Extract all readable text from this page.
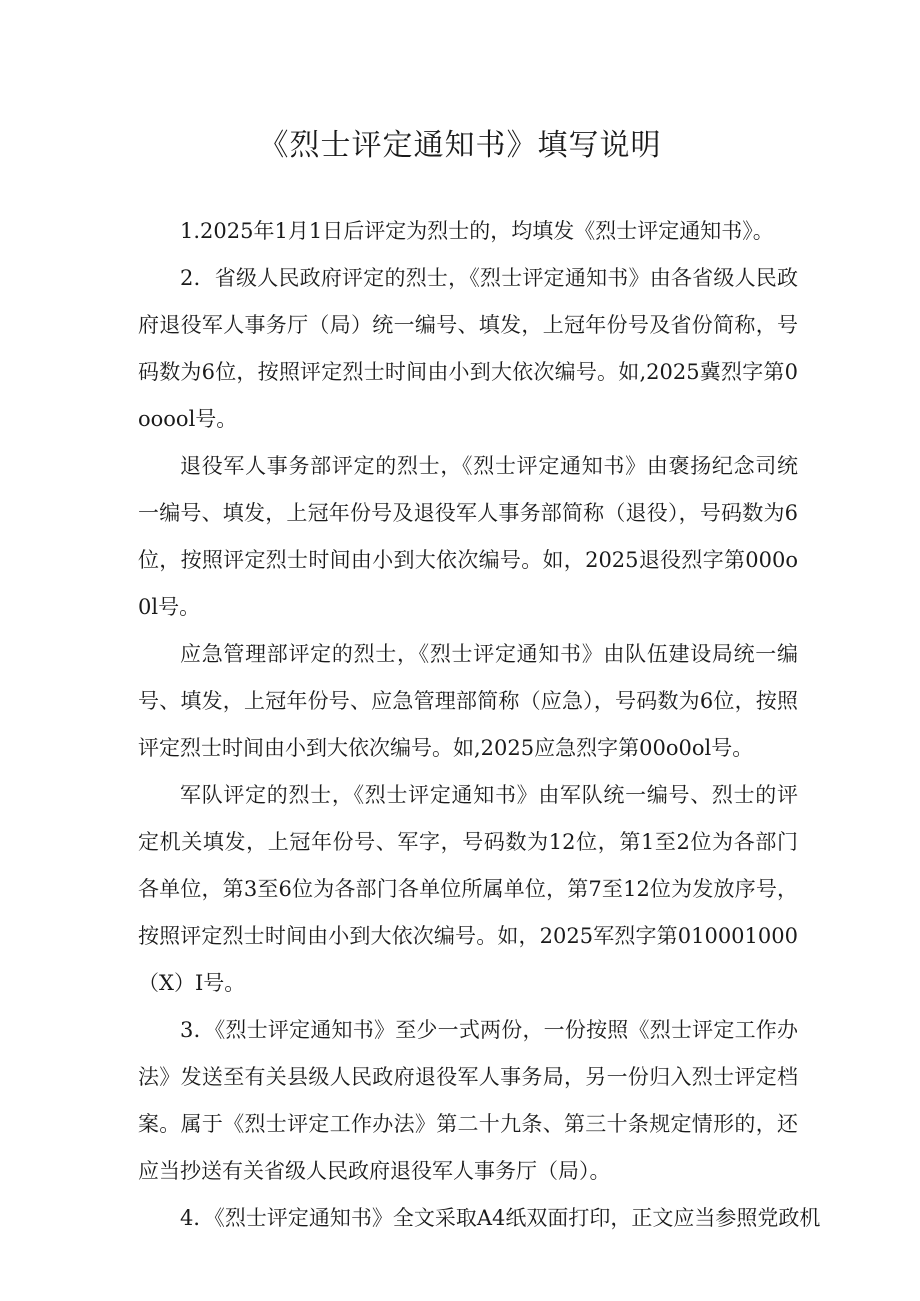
《烈士评定通知书》填写说明

1.2025年1月1日后评定为烈士的，均填发《烈士评定通知书》。

2．省级人民政府评定的烈士，《烈士评定通知书》由各省级人民政府退役军人事务厅（局）统一编号、填发，上冠年份号及省份简称，号码数为6位，按照评定烈士时间由小到大依次编号。如,2025冀烈字第0ooool号。

退役军人事务部评定的烈士，《烈士评定通知书》由褒扬纪念司统一编号、填发，上冠年份号及退役军人事务部简称（退役），号码数为6位，按照评定烈士时间由小到大依次编号。如，2025退役烈字第000o0l号。

应急管理部评定的烈士，《烈士评定通知书》由队伍建设局统一编号、填发，上冠年份号、应急管理部简称（应急），号码数为6位，按照评定烈士时间由小到大依次编号。如,2025应急烈字第00o0ol号。

军队评定的烈士，《烈士评定通知书》由军队统一编号、烈士的评定机关填发，上冠年份号、军字，号码数为12位，第1至2位为各部门各单位，第3至6位为各部门各单位所属单位，第7至12位为发放序号，按照评定烈士时间由小到大依次编号。如，2025军烈字第010001000（X）I号。

3．《烈士评定通知书》至少一式两份，一份按照《烈士评定工作办法》发送至有关县级人民政府退役军人事务局，另一份归入烈士评定档案。属于《烈士评定工作办法》第二十九条、第三十条规定情形的，还应当抄送有关省级人民政府退役军人事务厅（局）。

4．《烈士评定通知书》全文采取A4纸双面打印，正文应当参照党政机
